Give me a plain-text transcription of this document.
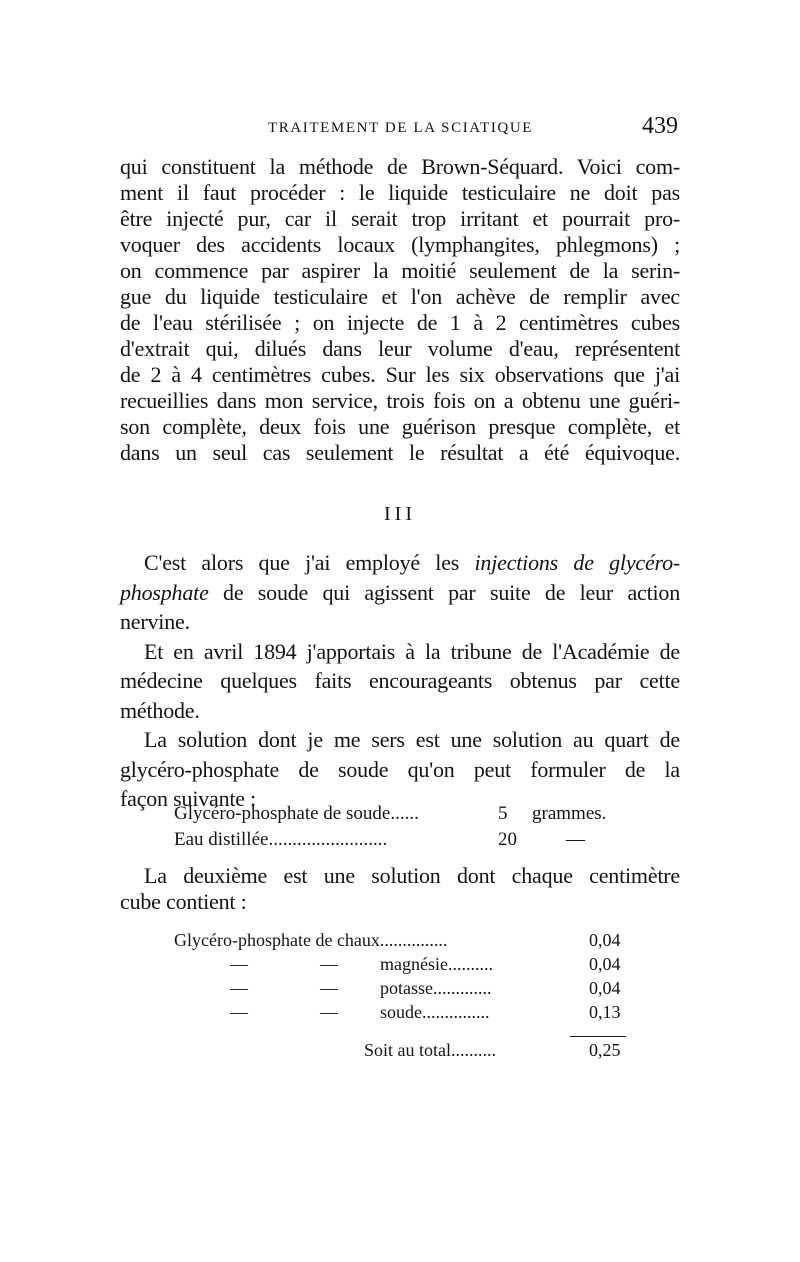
TRAITEMENT DE LA SCIATIQUE	439
qui constituent la méthode de Brown-Séquard. Voici com-
ment il faut procéder : le liquide testiculaire ne doit pas
être injecté pur, car il serait trop irritant et pourrait pro-
voquer des accidents locaux (lymphangites, phlegmons) ;
on commence par aspirer la moitié seulement de la serin-
gue du liquide testiculaire et l'on achève de remplir avec
de l'eau stérilisée ; on injecte de 1 à 2 centimètres cubes
d'extrait qui, dilués dans leur volume d'eau, représentent
de 2 à 4 centimètres cubes. Sur les six observations que j'ai
recueillies dans mon service, trois fois on a obtenu une guéri-
son complète, deux fois une guérison presque complète, et
dans un seul cas seulement le résultat a été équivoque.
III
C'est alors que j'ai employé les injections de glycéro-
phosphate de soude qui agissent par suite de leur action
nervine.
Et en avril 1894 j'apportais à la tribune de l'Académie de
médecine quelques faits encourageants obtenus par cette
méthode.
La solution dont je me sers est une solution au quart de
glycéro-phosphate de soude qu'on peut formuler de la
façon suivante :
Glycéro-phosphate de soude......	5 grammes.
Eau distillée.........................	20	—
La deuxième est une solution dont chaque centimètre
cube contient :
Glycéro-phosphate de chaux...............	0,04
—	— magnésie..........	0,04
—	— potasse.............	0,04
—	— soude...............	0,13
Soit au total..........	0,25
